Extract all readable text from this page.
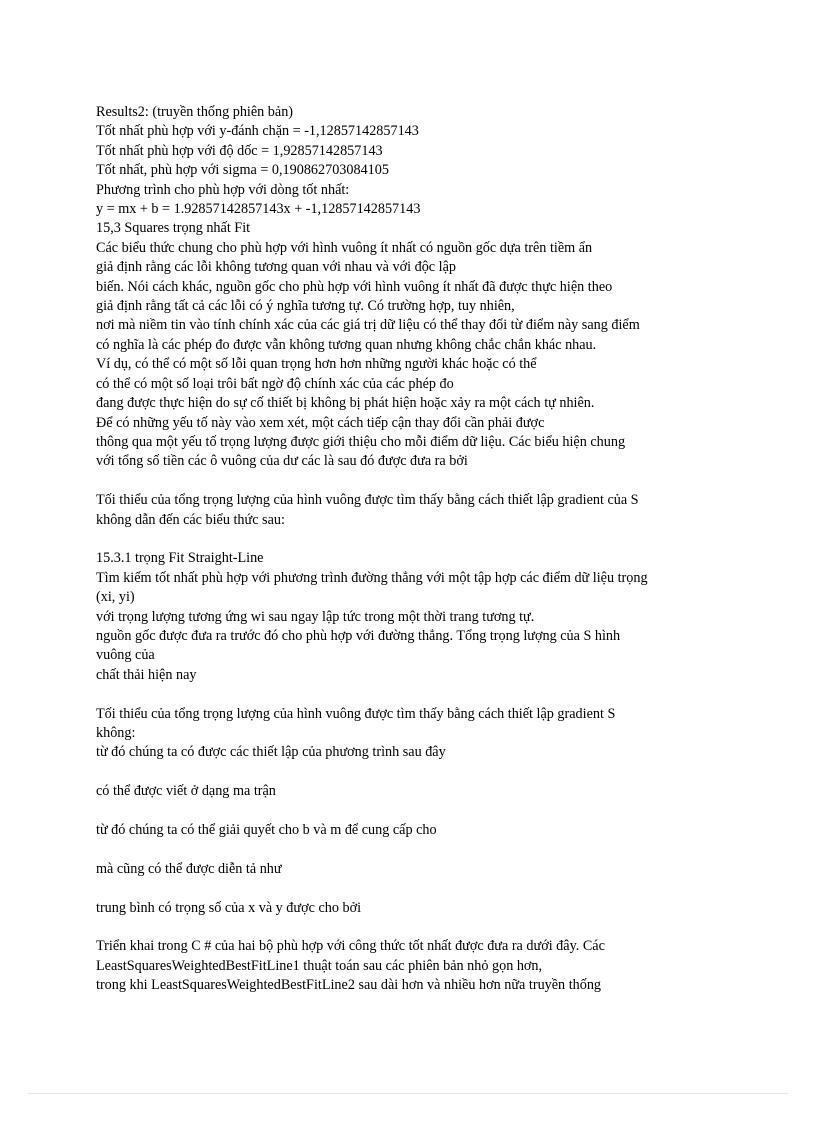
Results2: (truyền thống phiên bản)
Tốt nhất phù hợp với y-đánh chặn = -1,12857142857143
Tốt nhất phù hợp với độ dốc = 1,92857142857143
Tốt nhất, phù hợp với sigma = 0,190862703084105
Phương trình cho phù hợp với dòng tốt nhất:
y = mx + b = 1.92857142857143x + -1,12857142857143
15,3 Squares trọng nhất Fit
Các biểu thức chung cho phù hợp với hình vuông ít nhất có nguồn gốc dựa trên tiềm ẩn
giả định rằng các lỗi không tương quan với nhau và với độc lập
biến. Nói cách khác, nguồn gốc cho phù hợp với hình vuông ít nhất đã được thực hiện theo
giả định rằng tất cả các lỗi có ý nghĩa tương tự. Có trường hợp, tuy nhiên,
nơi mà niềm tin vào tính chính xác của các giá trị dữ liệu có thể thay đổi từ điểm này sang điểm
có nghĩa là các phép đo được vẫn không tương quan nhưng không chắc chắn khác nhau.
Ví dụ, có thể có một số lỗi quan trọng hơn hơn những người khác hoặc có thể
có thể có một số loại trôi bất ngờ độ chính xác của các phép đo
đang được thực hiện do sự cố thiết bị không bị phát hiện hoặc xảy ra một cách tự nhiên.
Để có những yếu tố này vào xem xét, một cách tiếp cận thay đổi cần phải được
thông qua một yếu tố trọng lượng được giới thiệu cho mỗi điểm dữ liệu. Các biểu hiện chung
với tổng số tiền các ô vuông của dư các là sau đó được đưa ra bởi
Tối thiểu của tổng trọng lượng của hình vuông được tìm thấy bằng cách thiết lập gradient của S
không dẫn đến các biểu thức sau:
15.3.1 trọng Fit Straight-Line
Tìm kiếm tốt nhất phù hợp với phương trình đường thẳng với một tập hợp các điểm dữ liệu trọng
(xi, yi)
với trọng lượng tương ứng wi sau ngay lập tức trong một thời trang tương tự.
nguồn gốc được đưa ra trước đó cho phù hợp với đường thẳng. Tổng trọng lượng của S hình
vuông của
chất thải hiện nay
Tối thiểu của tổng trọng lượng của hình vuông được tìm thấy bằng cách thiết lập gradient S
không:
từ đó chúng ta có được các thiết lập của phương trình sau đây
có thể được viết ở dạng ma trận
từ đó chúng ta có thể giải quyết cho b và m để cung cấp cho
mà cũng có thể được diễn tả như
trung bình có trọng số của x và y được cho bởi
Triển khai trong C # của hai bộ phù hợp với công thức tốt nhất được đưa ra dưới đây. Các
LeastSquaresWeightedBestFitLine1 thuật toán sau các phiên bản nhỏ gọn hơn,
trong khi LeastSquaresWeightedBestFitLine2 sau dài hơn và nhiều hơn nữa truyền thống
